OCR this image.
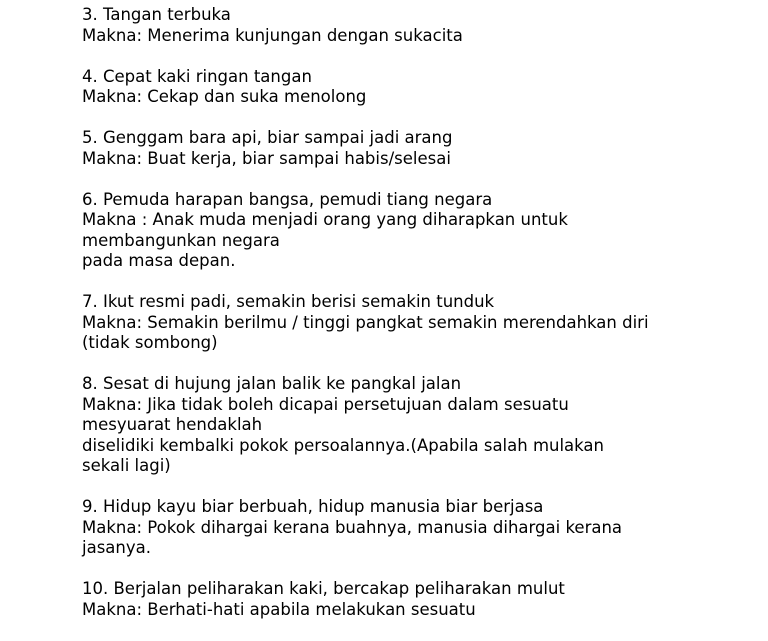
3. Tangan terbuka
Makna: Menerima kunjungan dengan sukacita
4. Cepat kaki ringan tangan
Makna: Cekap dan suka menolong
5. Genggam bara api, biar sampai jadi arang
Makna: Buat kerja, biar sampai habis/selesai
6. Pemuda harapan bangsa, pemudi tiang negara
Makna : Anak muda menjadi orang yang diharapkan untuk
membangunkan negara
pada masa depan.
7. Ikut resmi padi, semakin berisi semakin tunduk
Makna: Semakin berilmu / tinggi pangkat semakin merendahkan diri
(tidak sombong)
8. Sesat di hujung jalan balik ke pangkal jalan
Makna: Jika tidak boleh dicapai persetujuan dalam sesuatu
mesyuarat hendaklah
diselidiki kembalki pokok persoalannya.(Apabila salah mulakan
sekali lagi)
9. Hidup kayu biar berbuah, hidup manusia biar berjasa
Makna: Pokok dihargai kerana buahnya, manusia dihargai kerana
jasanya.
10. Berjalan peliharakan kaki, bercakap peliharakan mulut
Makna: Berhati-hati apabila melakukan sesuatu
